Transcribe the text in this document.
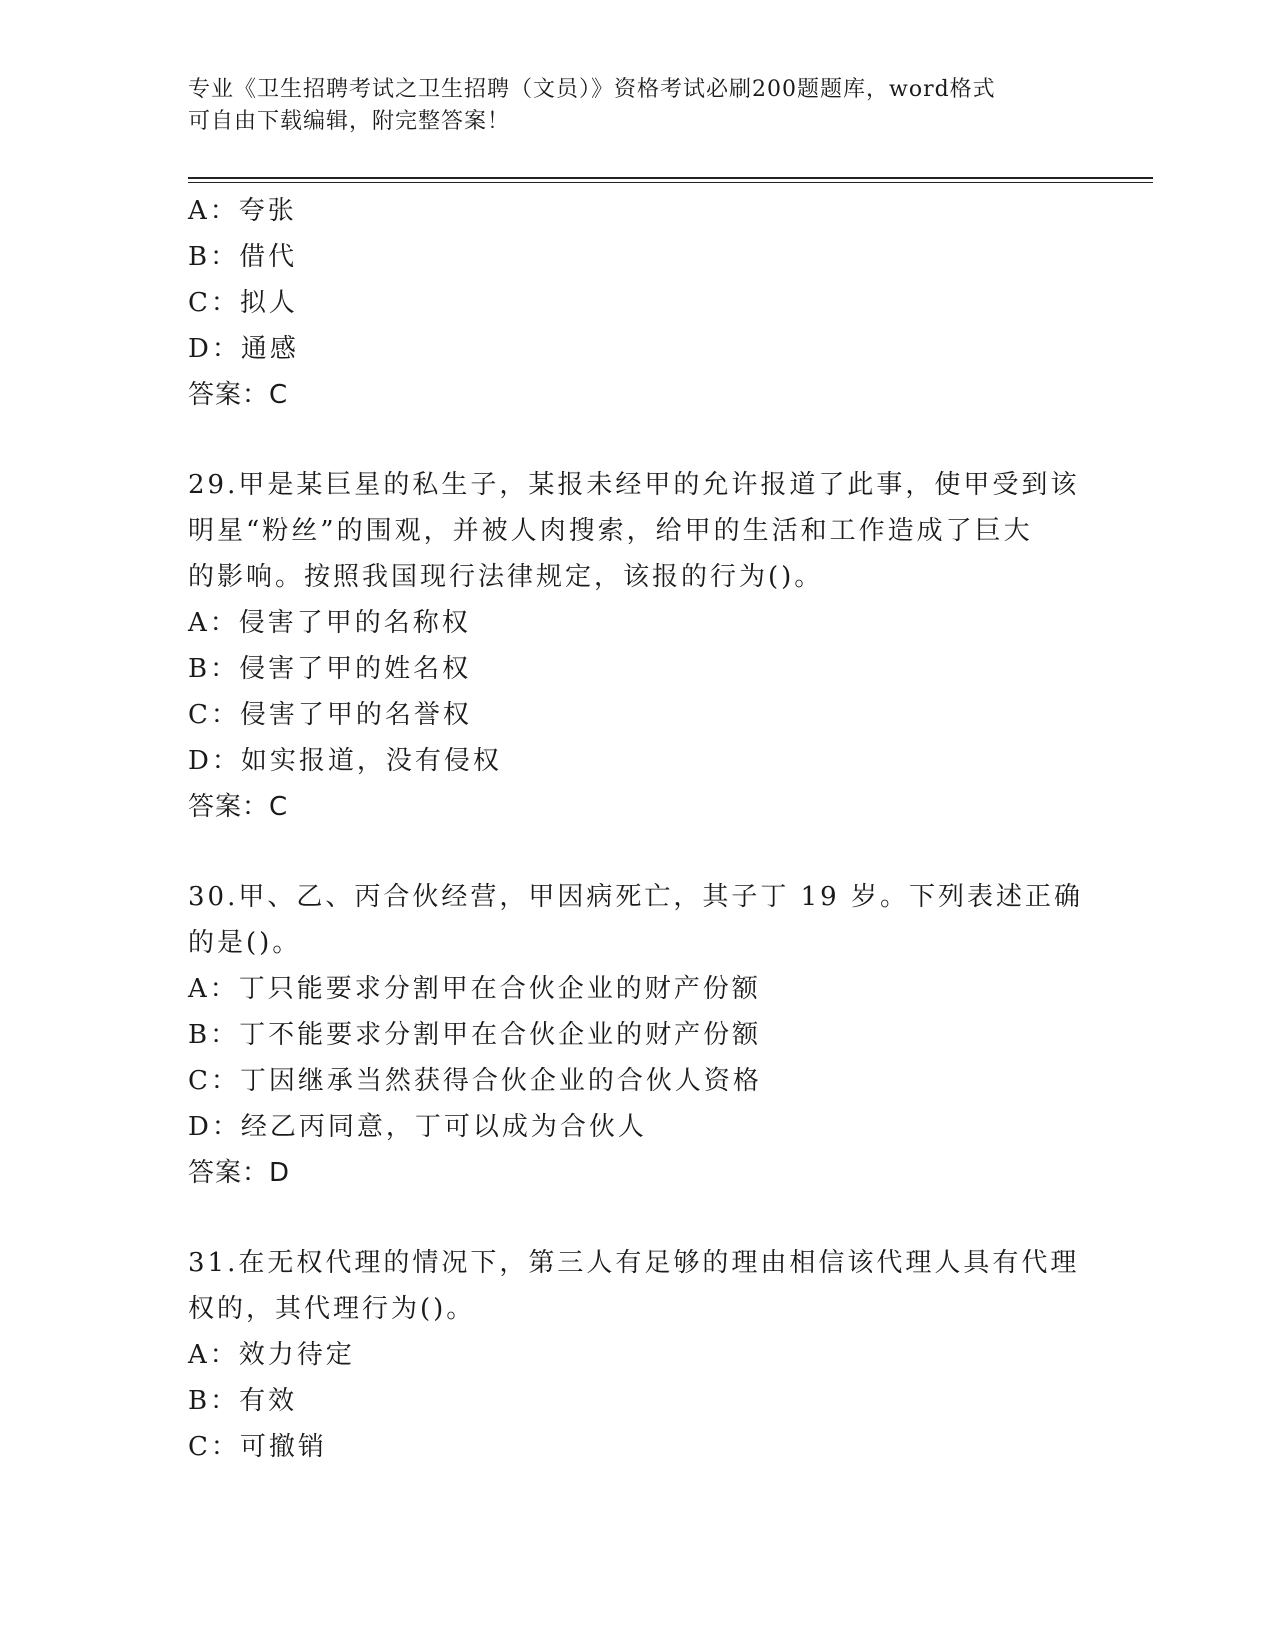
专业《卫生招聘考试之卫生招聘（文员）》资格考试必刷200题题库，word格式
可自由下载编辑，附完整答案！
A：夸张
B：借代
C：拟人
D：通感
答案：C
29.甲是某巨星的私生子，某报未经甲的允许报道了此事，使甲受到该
明星“粉丝”的围观，并被人肉搜索，给甲的生活和工作造成了巨大
的影响。按照我国现行法律规定，该报的行为()。
A：侵害了甲的名称权
B：侵害了甲的姓名权
C：侵害了甲的名誉权
D：如实报道，没有侵权
答案：C
30.甲、乙、丙合伙经营，甲因病死亡，其子丁 19 岁。下列表述正确
的是()。
A：丁只能要求分割甲在合伙企业的财产份额
B：丁不能要求分割甲在合伙企业的财产份额
C：丁因继承当然获得合伙企业的合伙人资格
D：经乙丙同意，丁可以成为合伙人
答案：D
31.在无权代理的情况下，第三人有足够的理由相信该代理人具有代理
权的，其代理行为()。
A：效力待定
B：有效
C：可撤销
